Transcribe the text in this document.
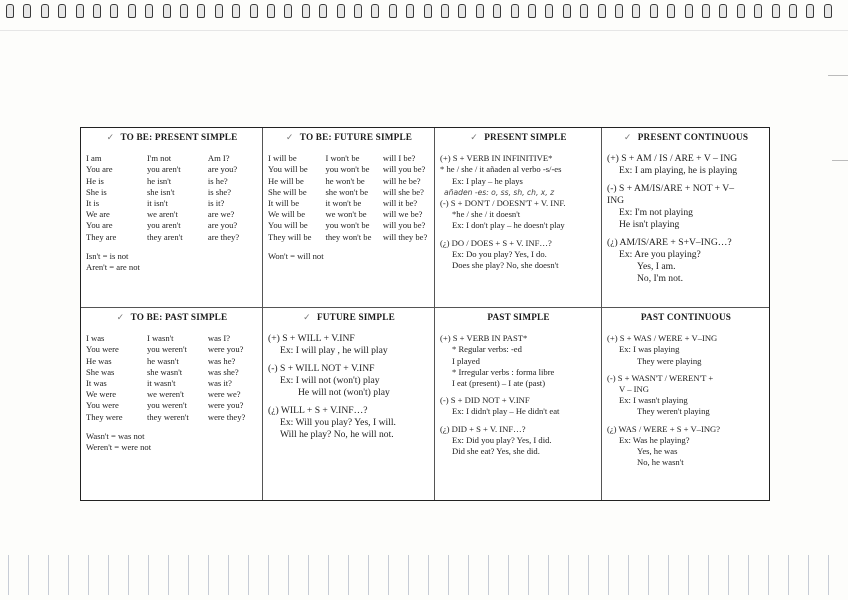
✓ TO BE: PRESENT SIMPLE
I am	I'm not	Am I?
You are	you aren't	are you?
He is	he isn't	is he?
She is	she isn't	is she?
It is	it isn't	is it?
We are	we aren't	are we?
You are	you aren't	are you?
They are	they aren't	are they?
Isn't = is not
Aren't = are not
✓ TO BE: FUTURE SIMPLE
I will be	I won't be	will I be?
You will be	you won't be	will you be?
He will be	he won't be	will he be?
She will be	she won't be	will she be?
It will be	it won't be	will it be?
We will be	we won't be	will we be?
You will be	you won't be	will you be?
They will be	they won't be	will they be?
Won't = will not
✓ PRESENT SIMPLE
(+) S + VERB IN INFINITIVE*
* he / she / it añaden al verbo -s/-es
Ex: I play – he plays
añaden -es: o, ss, sh, ch, x, z
(-) S + DON'T / DOESN'T + V. INF.
*he / she / it doesn't
Ex: I don't play – he doesn't play
(¿) DO / DOES + S + V. INF…?
Ex: Do you play? Yes, I do.
Does she play? No, she doesn't
✓ PRESENT CONTINUOUS
(+) S + AM / IS / ARE + V – ING
Ex: I am playing, he is playing
(-) S + AM/IS/ARE + NOT + V–
ING
Ex: I'm not playing
He isn't playing
(¿) AM/IS/ARE + S+V–ING…?
Ex: Are you playing?
Yes, I am.
No, I'm not.
✓ TO BE: PAST SIMPLE
I was	I wasn't	was I?
You were	you weren't	were you?
He was	he wasn't	was he?
She was	she wasn't	was she?
It was	it wasn't	was it?
We were	we weren't	were we?
You were	you weren't	were you?
They were	they weren't	were they?
Wasn't = was not
Weren't = were not
✓ FUTURE SIMPLE
(+) S + WILL + V.INF
Ex: I will play , he will play
(-) S + WILL NOT + V.INF
Ex: I will not (won't) play
He will not (won't) play
(¿) WILL + S + V.INF…?
Ex: Will you play? Yes, I will.
Will he play? No, he will not.
PAST SIMPLE
(+) S + VERB IN PAST*
* Regular verbs: -ed
I played
* Irregular verbs : forma libre
I eat (present) – I ate (past)
(-) S + DID NOT + V.INF
Ex: I didn't play – He didn't eat
(¿) DID + S + V. INF…?
Ex: Did you play? Yes, I did.
Did she eat? Yes, she did.
PAST CONTINUOUS
(+) S + WAS / WERE + V–ING
Ex: I was playing
They were playing
(-) S + WASN'T / WEREN'T +
V – ING
Ex: I wasn't playing
They weren't playing
(¿) WAS / WERE + S + V–ING?
Ex: Was he playing?
Yes, he was
No, he wasn't
